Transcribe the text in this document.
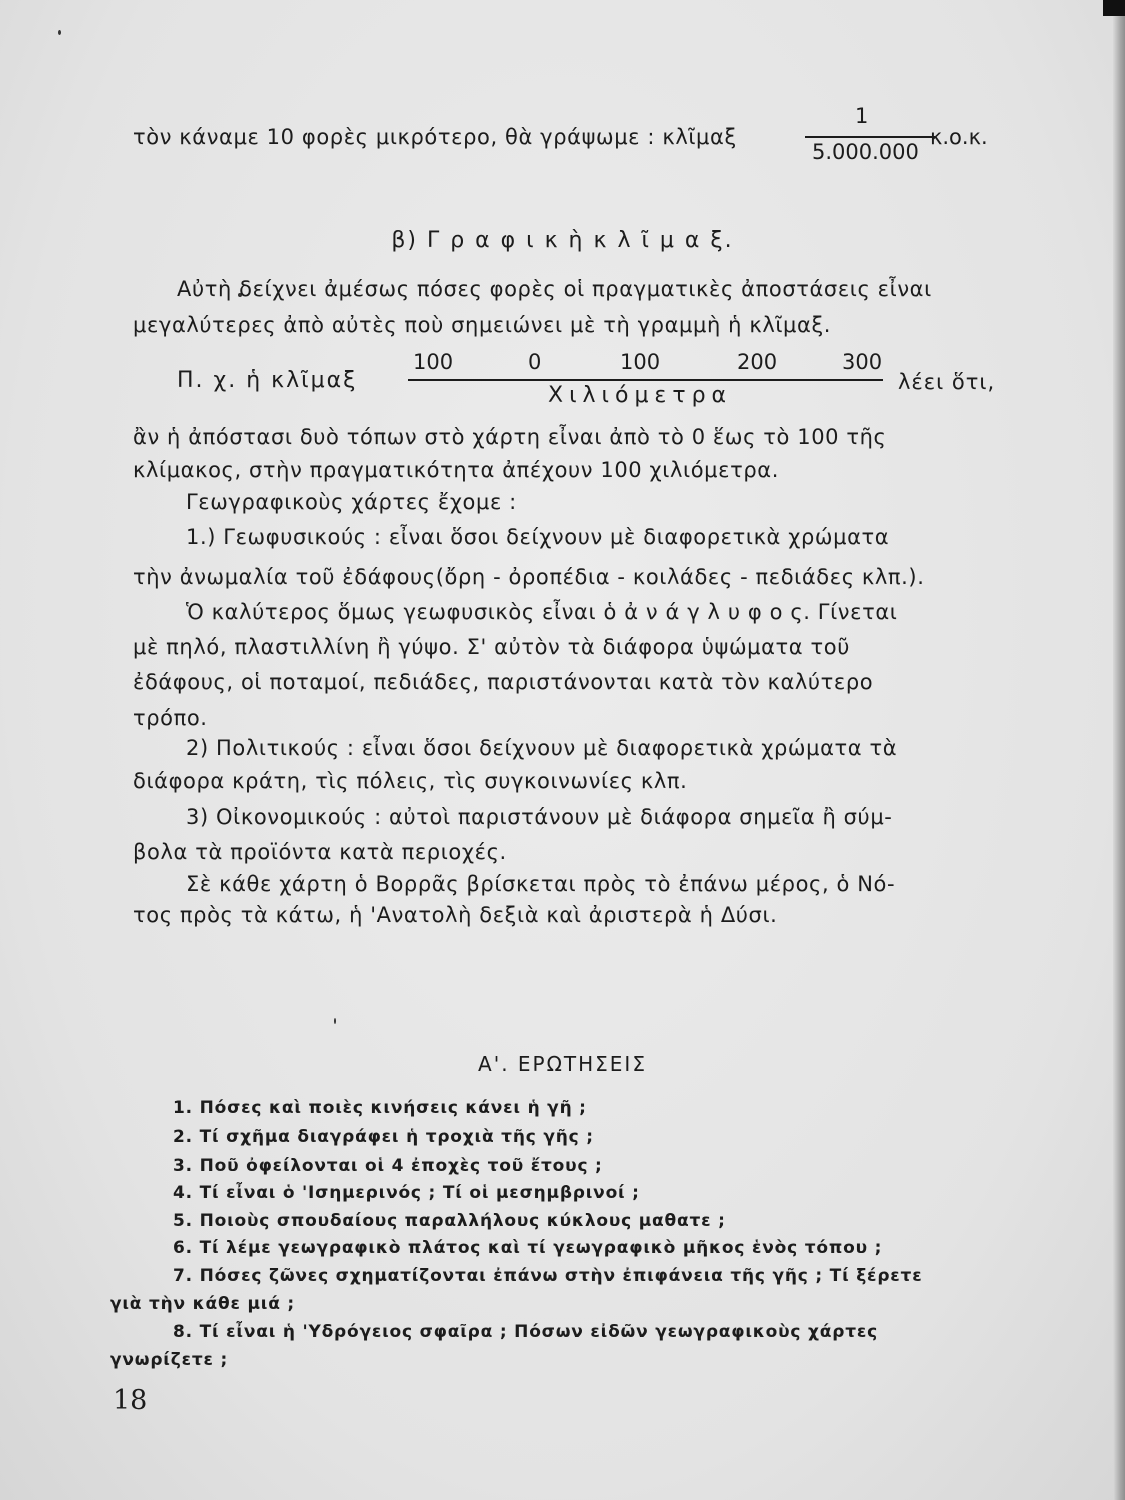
τὸν κάναμε 10 φορὲς μικρότερο, θὰ γράψωμε : κλῖμαξ
1
5.000.000
κ.ο.κ.
β) Γ ρ α φ ι κ ὴ κ λ ῖ μ α ξ.
Αὐτὴ δείχνει ἀμέσως πόσες φορὲς οἱ πραγματικὲς ἀποστάσεις εἶναι
μεγαλύτερες ἀπὸ αὐτὲς ποὺ σημειώνει μὲ τὴ γραμμὴ ἡ κλῖμαξ.
Π. χ. ἡ κλῖμαξ
100	0	100	200	300
Χιλιόμετρα
λέει ὅτι,
ἂν ἡ ἀπόστασι δυὸ τόπων στὸ χάρτη εἶναι ἀπὸ τὸ 0 ἕως τὸ 100 τῆς
κλίμακος, στὴν πραγματικότητα ἀπέχουν 100 χιλιόμετρα.
Γεωγραφικοὺς χάρτες ἔχομε :
1.) Γεωφυσικούς : εἶναι ὅσοι δείχνουν μὲ διαφορετικὰ χρώματα
τὴν ἀνωμαλία τοῦ ἐδάφους(ὄρη - ὀροπέδια - κοιλάδες - πεδιάδες κλπ.).
Ὁ καλύτερος ὅμως γεωφυσικὸς εἶναι ὁ ἀ ν ά γ λ υ φ ο ς. Γίνεται
μὲ πηλό, πλαστιλλίνη ἢ γύψο. Σ' αὐτὸν τὰ διάφορα ὑψώματα τοῦ
ἐδάφους, οἱ ποταμοί, πεδιάδες, παριστάνονται κατὰ τὸν καλύτερο
τρόπο.
2) Πολιτικούς : εἶναι ὅσοι δείχνουν μὲ διαφορετικὰ χρώματα τὰ
διάφορα κράτη, τὶς πόλεις, τὶς συγκοινωνίες κλπ.
3) Οἰκονομικούς : αὐτοὶ παριστάνουν μὲ διάφορα σημεῖα ἢ σύμ-
βολα τὰ προϊόντα κατὰ περιοχές.
Σὲ κάθε χάρτη ὁ Βορρᾶς βρίσκεται πρὸς τὸ ἐπάνω μέρος, ὁ Νό-
τος πρὸς τὰ κάτω, ἡ 'Ανατολὴ δεξιὰ καὶ ἀριστερὰ ἡ Δύσι.
Α'. ΕΡΩΤΗΣΕΙΣ
1. Πόσες καὶ ποιὲς κινήσεις κάνει ἡ γῆ ;
2. Τί σχῆμα διαγράφει ἡ τροχιὰ τῆς γῆς ;
3. Ποῦ ὀφείλονται οἱ 4 ἐποχὲς τοῦ ἔτους ;
4. Τί εἶναι ὁ 'Ισημερινός ; Τί οἱ μεσημβρινοί ;
5. Ποιοὺς σπουδαίους παραλλήλους κύκλους μαθατε ;
6. Τί λέμε γεωγραφικὸ πλάτος καὶ τί γεωγραφικὸ μῆκος ἑνὸς τόπου ;
7. Πόσες ζῶνες σχηματίζονται ἐπάνω στὴν ἐπιφάνεια τῆς γῆς ; Τί ξέρετε
γιὰ τὴν κάθε μιά ;
8. Τί εἶναι ἡ 'Υδρόγειος σφαῖρα ; Πόσων εἰδῶν γεωγραφικοὺς χάρτες
γνωρίζετε ;
18
